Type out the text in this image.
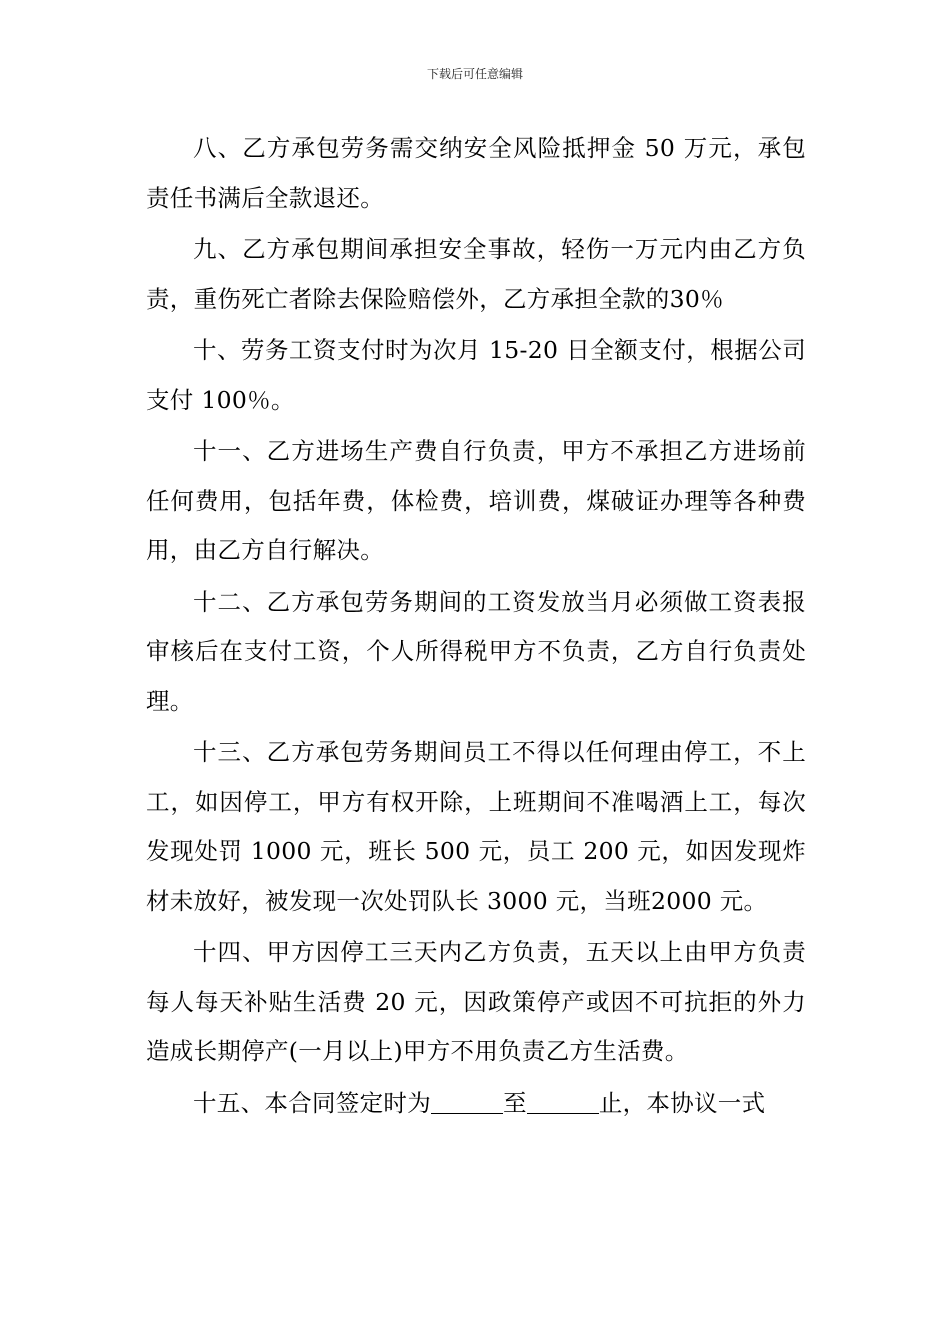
下载后可任意编辑

八、乙方承包劳务需交纳安全风险抵押金 50 万元，承包责任书满后全款退还。

九、乙方承包期间承担安全事故，轻伤一万元内由乙方负责，重伤死亡者除去保险赔偿外，乙方承担全款的30％

十、劳务工资支付时为次月 15-20 日全额支付，根据公司支付 100％。

十一、乙方进场生产费自行负责，甲方不承担乙方进场前任何费用，包括年费，体检费，培训费，煤破证办理等各种费用，由乙方自行解决。

十二、乙方承包劳务期间的工资发放当月必须做工资表报审核后在支付工资，个人所得税甲方不负责，乙方自行负责处理。

十三、乙方承包劳务期间员工不得以任何理由停工，不上工，如因停工，甲方有权开除，上班期间不准喝酒上工，每次发现处罚 1000 元，班长 500 元，员工 200 元，如因发现炸材未放好，被发现一次处罚队长 3000 元，当班2000 元。

十四、甲方因停工三天内乙方负责，五天以上由甲方负责每人每天补贴生活费 20 元，因政策停产或因不可抗拒的外力造成长期停产(一月以上)甲方不用负责乙方生活费。

十五、本合同签定时为	至	止，本协议一式
